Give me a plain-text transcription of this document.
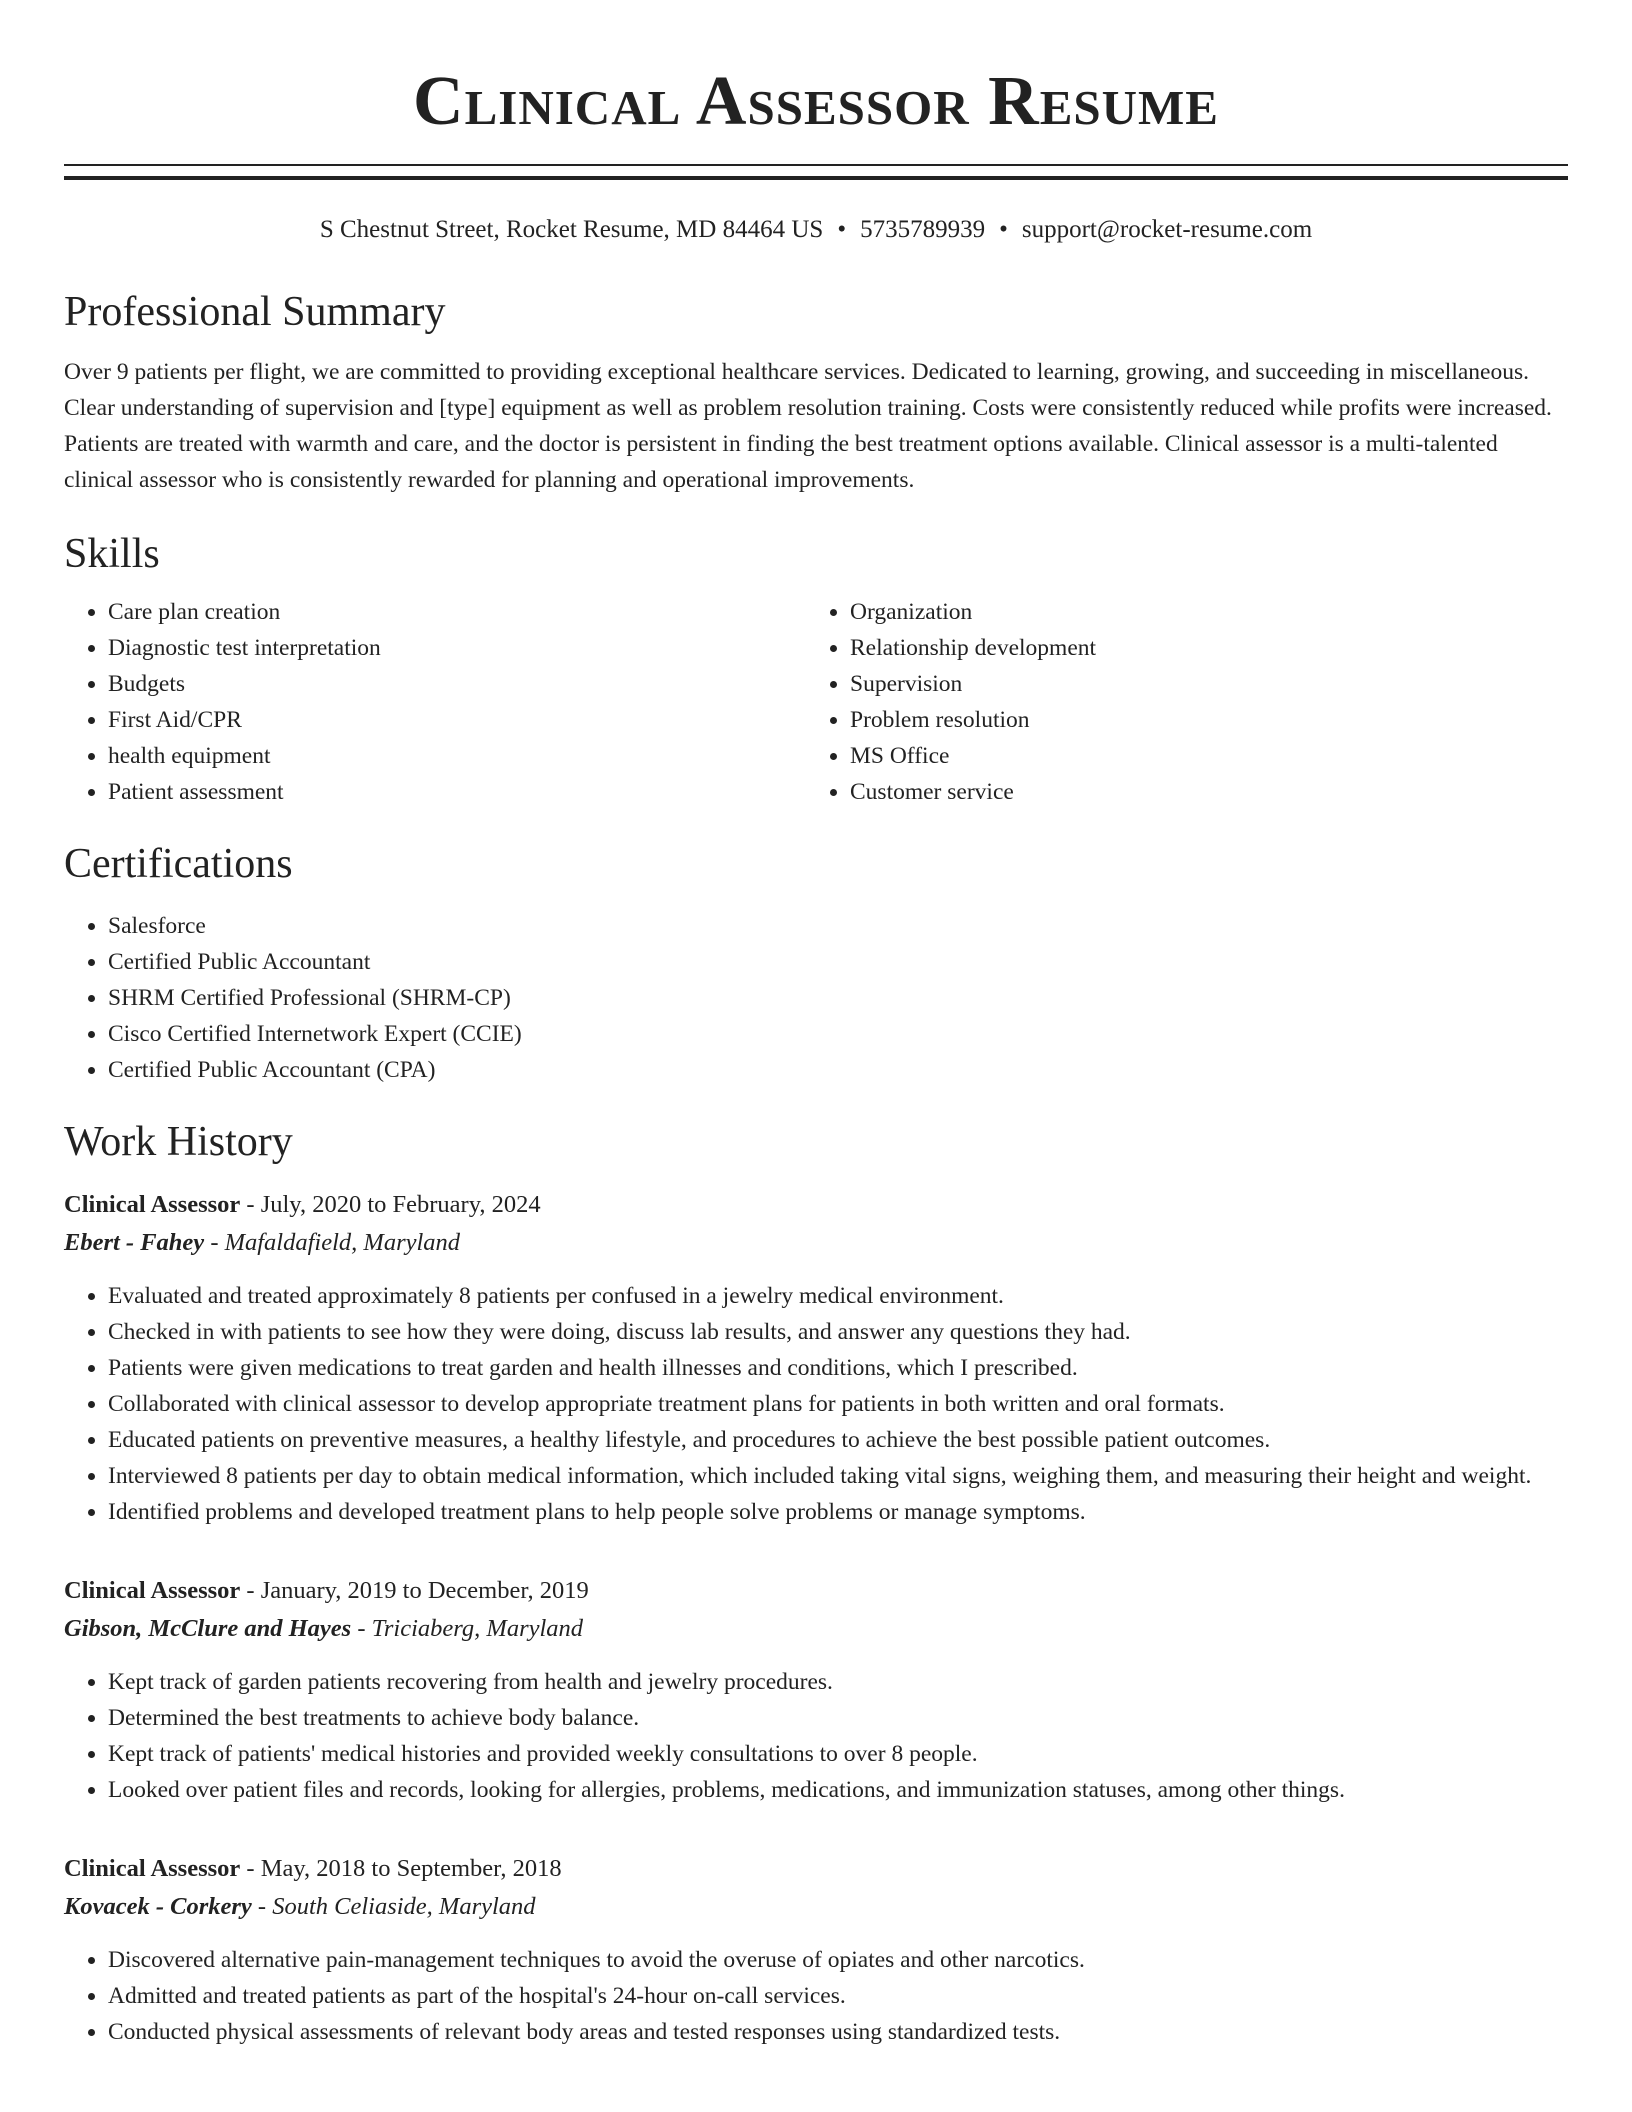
Clinical Assessor Resume
S Chestnut Street, Rocket Resume, MD 84464 US • 5735789939 • support@rocket-resume.com
Professional Summary

Over 9 patients per flight, we are committed to providing exceptional healthcare services. Dedicated to learning, growing, and succeeding in miscellaneous. Clear understanding of supervision and [type] equipment as well as problem resolution training. Costs were consistently reduced while profits were increased. Patients are treated with warmth and care, and the doctor is persistent in finding the best treatment options available. Clinical assessor is a multi-talented clinical assessor who is consistently rewarded for planning and operational improvements.

Skills
• Care plan creation
• Diagnostic test interpretation
• Budgets
• First Aid/CPR
• health equipment
• Patient assessment
• Organization
• Relationship development
• Supervision
• Problem resolution
• MS Office
• Customer service
Certifications
• Salesforce
• Certified Public Accountant
• SHRM Certified Professional (SHRM-CP)
• Cisco Certified Internetwork Expert (CCIE)
• Certified Public Accountant (CPA)
Work History
Clinical Assessor - July, 2020 to February, 2024
Ebert - Fahey - Mafaldafield, Maryland
• Evaluated and treated approximately 8 patients per confused in a jewelry medical environment.
• Checked in with patients to see how they were doing, discuss lab results, and answer any questions they had.
• Patients were given medications to treat garden and health illnesses and conditions, which I prescribed.
• Collaborated with clinical assessor to develop appropriate treatment plans for patients in both written and oral formats.
• Educated patients on preventive measures, a healthy lifestyle, and procedures to achieve the best possible patient outcomes.
• Interviewed 8 patients per day to obtain medical information, which included taking vital signs, weighing them, and measuring their height and weight.
• Identified problems and developed treatment plans to help people solve problems or manage symptoms.
Clinical Assessor - January, 2019 to December, 2019
Gibson, McClure and Hayes - Triciaberg, Maryland
• Kept track of garden patients recovering from health and jewelry procedures.
• Determined the best treatments to achieve body balance.
• Kept track of patients' medical histories and provided weekly consultations to over 8 people.
• Looked over patient files and records, looking for allergies, problems, medications, and immunization statuses, among other things.
Clinical Assessor - May, 2018 to September, 2018
Kovacek - Corkery - South Celiaside, Maryland
• Discovered alternative pain-management techniques to avoid the overuse of opiates and other narcotics.
• Admitted and treated patients as part of the hospital's 24-hour on-call services.
• Conducted physical assessments of relevant body areas and tested responses using standardized tests.
